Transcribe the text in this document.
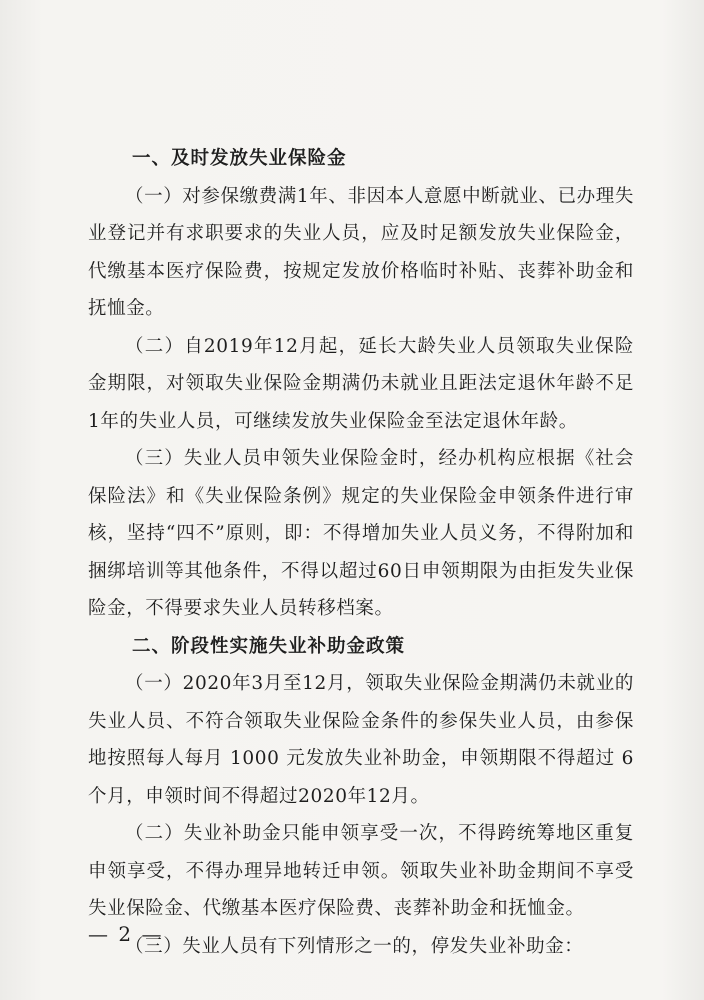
一、及时发放失业保险金

（一）对参保缴费满1年、非因本人意愿中断就业、已办理失业登记并有求职要求的失业人员，应及时足额发放失业保险金，代缴基本医疗保险费，按规定发放价格临时补贴、丧葬补助金和抚恤金。

（二）自2019年12月起，延长大龄失业人员领取失业保险金期限，对领取失业保险金期满仍未就业且距法定退休年龄不足1年的失业人员，可继续发放失业保险金至法定退休年龄。

（三）失业人员申领失业保险金时，经办机构应根据《社会保险法》和《失业保险条例》规定的失业保险金申领条件进行审核，坚持“四不”原则，即：不得增加失业人员义务，不得附加和捆绑培训等其他条件，不得以超过60日申领期限为由拒发失业保险金，不得要求失业人员转移档案。

二、阶段性实施失业补助金政策

（一）2020年3月至12月，领取失业保险金期满仍未就业的失业人员、不符合领取失业保险金条件的参保失业人员，由参保地按照每人每月 1000 元发放失业补助金，申领期限不得超过 6个月，申领时间不得超过2020年12月。

（二）失业补助金只能申领享受一次，不得跨统筹地区重复申领享受，不得办理异地转迁申领。领取失业补助金期间不享受失业保险金、代缴基本医疗保险费、丧葬补助金和抚恤金。

（三）失业人员有下列情形之一的，停发失业补助金：

— 2 —
